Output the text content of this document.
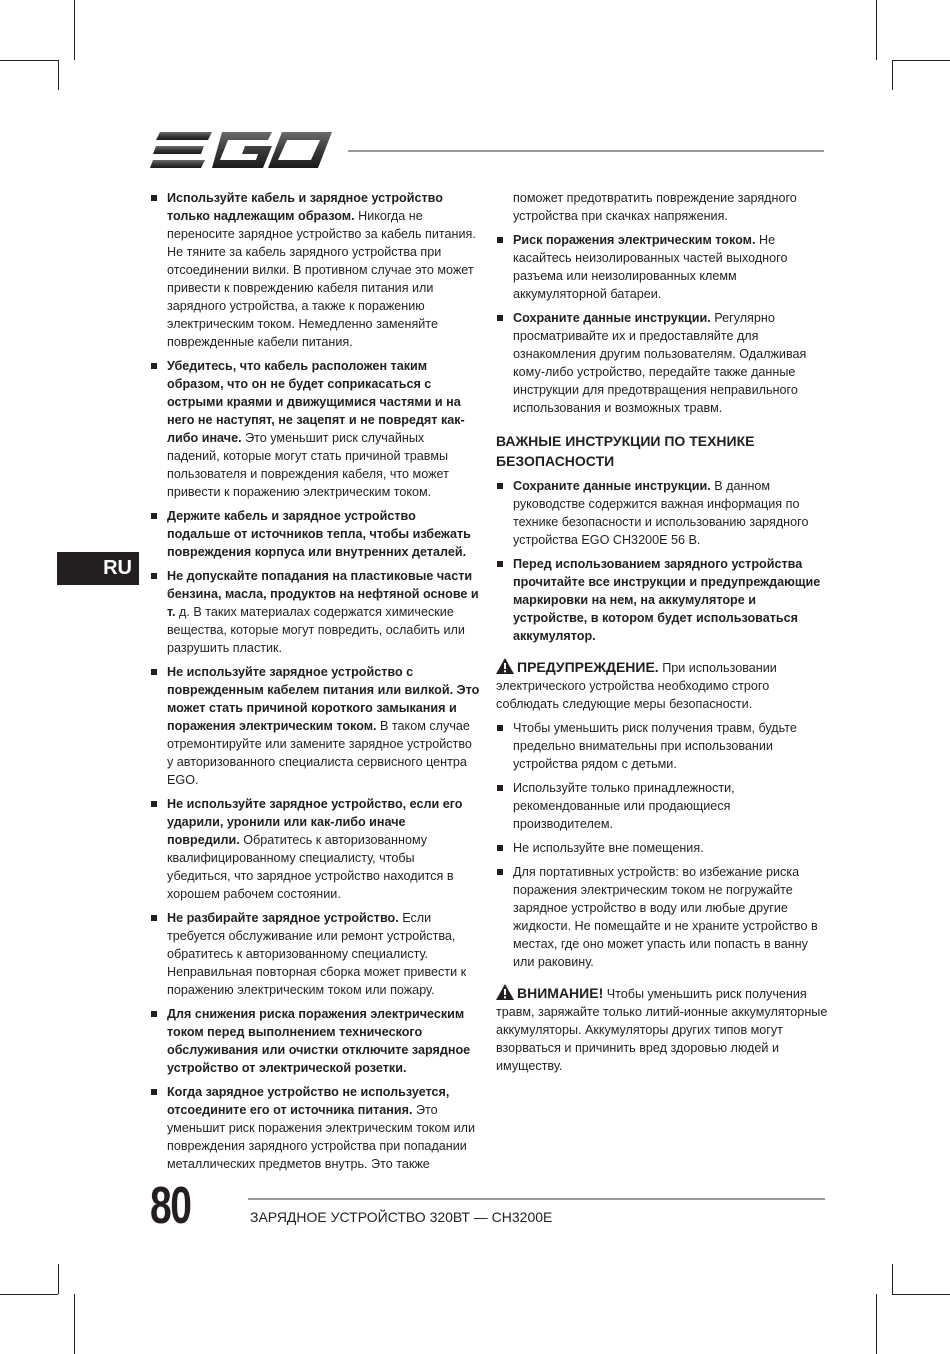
RU
Используйте кабель и зарядное устройство только надлежащим образом. Никогда не переносите зарядное устройство за кабель питания. Не тяните за кабель зарядного устройства при отсоединении вилки. В противном случае это может привести к повреждению кабеля питания или зарядного устройства, а также к поражению электрическим током. Немедленно заменяйте поврежденные кабели питания.
Убедитесь, что кабель расположен таким образом, что он не будет соприкасаться с острыми краями и движущимися частями и на него не наступят, не зацепят и не повредят как-либо иначе. Это уменьшит риск случайных падений, которые могут стать причиной травмы пользователя и повреждения кабеля, что может привести к поражению электрическим током.
Держите кабель и зарядное устройство подальше от источников тепла, чтобы избежать повреждения корпуса или внутренних деталей.
Не допускайте попадания на пластиковые части бензина, масла, продуктов на нефтяной основе и т. д. В таких материалах содержатся химические вещества, которые могут повредить, ослабить или разрушить пластик.
Не используйте зарядное устройство с поврежденным кабелем питания или вилкой. Это может стать причиной короткого замыкания и поражения электрическим током. В таком случае отремонтируйте или замените зарядное устройство у авторизованного специалиста сервисного центра EGO.
Не используйте зарядное устройство, если его ударили, уронили или как-либо иначе повредили. Обратитесь к авторизованному квалифицированному специалисту, чтобы убедиться, что зарядное устройство находится в хорошем рабочем состоянии.
Не разбирайте зарядное устройство. Если требуется обслуживание или ремонт устройства, обратитесь к авторизованному специалисту. Неправильная повторная сборка может привести к поражению электрическим током или пожару.
Для снижения риска поражения электрическим током перед выполнением технического обслуживания или очистки отключите зарядное устройство от электрической розетки.
Когда зарядное устройство не используется, отсоедините его от источника питания. Это уменьшит риск поражения электрическим током или повреждения зарядного устройства при попадании металлических предметов внутрь. Это также
поможет предотвратить повреждение зарядного устройства при скачках напряжения.
Риск поражения электрическим током. Не касайтесь неизолированных частей выходного разъема или неизолированных клемм аккумуляторной батареи.
Сохраните данные инструкции. Регулярно просматривайте их и предоставляйте для ознакомления другим пользователям. Одалживая кому-либо устройство, передайте также данные инструкции для предотвращения неправильного использования и возможных травм.
ВАЖНЫЕ ИНСТРУКЦИИ ПО ТЕХНИКЕ БЕЗОПАСНОСТИ
Сохраните данные инструкции. В данном руководстве содержится важная информация по технике безопасности и использованию зарядного устройства EGO CH3200E 56 В.
Перед использованием зарядного устройства прочитайте все инструкции и предупреждающие маркировки на нем, на аккумуляторе и устройстве, в котором будет использоваться аккумулятор.
ПРЕДУПРЕЖДЕНИЕ. При использовании электрического устройства необходимо строго соблюдать следующие меры безопасности.
Чтобы уменьшить риск получения травм, будьте предельно внимательны при использовании устройства рядом с детьми.
Используйте только принадлежности, рекомендованные или продающиеся производителем.
Не используйте вне помещения.
Для портативных устройств: во избежание риска поражения электрическим током не погружайте зарядное устройство в воду или любые другие жидкости. Не помещайте и не храните устройство в местах, где оно может упасть или попасть в ванну или раковину.
ВНИМАНИЕ! Чтобы уменьшить риск получения травм, заряжайте только литий-ионные аккумуляторные аккумуляторы. Аккумуляторы других типов могут взорваться и причинить вред здоровью людей и имуществу.
80	ЗАРЯДНОЕ УСТРОЙСТВО 320ВТ — CH3200E
